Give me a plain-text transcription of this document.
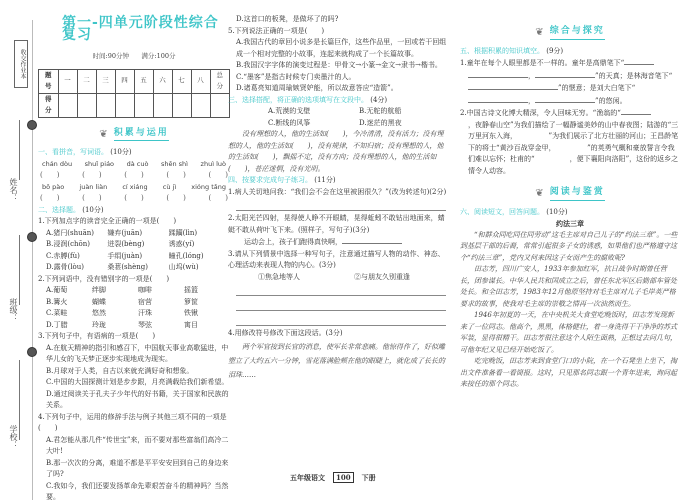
收交作业本
姓名：
班级：
学校：
第一-四单元阶段性综合复习
时间:90分钟 满分:100分
题号	一	二	三	四	五	六	七	八	总分
得分									
❦ 积累与运用
一、看拼音，写词语。 (10分)
chán dòu shuǐ piáo dà cuò shēn shì zhuì luò
(　　)	(　　)	(　　)	(　　)	(　　)
bō pào juàn liàn cí xiáng cù jì xióng tǎng
(　　)	(　　)	(　　)	(　　)	(　　)
二、选择题。 (10分)
1.下列加点字的读音完全正确的一项是(　　)
A.猪闩(shuān)	嫌弃(juān)	蹂躏(lìn)
B.浸润(chōn)	迸裂(bèng)	诱惑(yí)
C.赤膊(fù)	手绢(juàn)	瞳孔(lóng)
D.露骨(lòu)	桑葚(shèng)	山坞(wù)
2.下列词语中，没有错别字的一项是(　　)
A.葡萄	绊脚	咖啡	摇篮
B.篝火	蝴蝶	宿营	箩筐
C.菜畦	悠然	汗珠	铁锹
D.丁腊	玲珑	琴弦	寓目
3.下列句子中，有语病的一项是(　　)
A.在航天精神的指引和感召下，中国航天事业高歌猛进，中华儿女的飞天梦正逐步实现地成为现实。
B.月球对于人类，自古以来就充满好奇和想象。
C.中国的大国探测计划是步步跟，月亮满载给我们新希望。
D.通过阅读关于孔夫子少年代的好书籍，关于国家和民族的关系。
4.下列句子中，运用的修辞手法与例子其他三项不同的一项是(　　)
A.君怎能从那几件“传世宝”来，而不要对那些富翁们高冷二大叶!
B.那一次次的分离，难道不都是平平安安回到自己的身边来了吗?
C.我如今，我们还要发扬革命先辈艰苦奋斗的精神吗？当然要。
D.这首口的板凳，是做坏了的吗?
5.下列说法正确的一项是(　　)
A.我国古代的章回小说多是长篇巨作，这些作品里，一回或若干回组成一个相对完整的小故事，连起来就构成了一个长篇故事。
B.我国汉字字体的演变过程是：甲骨文→小篆→金文→隶书→楷书。
C.“墨客”是指古时候专门卖墨汁的人。
D.诸葛亮知道周瑜嫉贤妒能，所以故意答应“造箭”。
三、选择搭配，将正确的选项填写在文段中。 (4分)
A.荒漠的戈壁	B.无舵的航船
C.断线的风筝	D.迷茫的黑夜
没有理想的人，他的生活如(　　)，今冷清清，没有活力；没有理想的人，他的生活如(　　)，没有规律，不知归宿；没有理想的人，他的生活如(　　)，飘摇不定，没有方向；没有理想的人，他的生活如(　　)，苍茫迷惘，没有光明。
四、按要求完成句子练习。 (11分)
1.病人关切地问我：“我们会不会在这里被困很久？”(改为转述句)(2分)
2.太阳光芒四射，晃得使人睁不开眼睛，晃得蚯蚓不敢钻出地面来，蜻蜓不敢从荷叶飞下来。(照样子，写句子)(3分)
运动会上，孩子们跑得真快啊，
3.请从下列情景中选择一种写句子，注意通过描写人物的动作、神态、心理活动来表现人物的内心。(3分)
①焦急地等人	②与朋友久别重逢
4.用修改符号修改下面这段话。(3分)
两个军官接到长官的消息，使军长非常悲痛。他惊得作了，好似雕塑立了大约五六一分钟，雪花落满脸颊在他的眼睫上，就化成了长长的泪珠……
❦ 综合与探究
五、根据积累的知识填空。 (9分)
1.童年在每个人眼里都是不一样的。童年是高鼎笔下“
，	”的天真；是林海音笔下“
”的惬意；是刘大白笔下“
，	”的悠闲。
2.中国古诗文化博大精深，令人回味无穷。“渔翁的“
，夜静春山空”为我们描绘了一幅静谧美妙的山中春夜图；陆游的“三万里河东入海，　　　　　”为我们展示了北方壮丽的河山；王昌龄笔下的将士“黄沙百战穿金甲，　　　　　”的英勇气概和豪放誓言令我们难以忘怀；杜甫的“　　　　　，便下襄阳向洛阳”，这份的返乡之情令人动容。
❦ 阅读与鉴赏
六、阅读短文，回答问题。 (10分)
约法三章
“和群众同吃同住同劳动”这毛主席对自己儿子的“约法三章”。一些到基层干部的后裔，常常引起很多子女的诱惑，如果他们也严格遵守这个“约法三章”，党内又何来因这子女而产生的腐败呢?
田志芳，四川广安人，1933年参加红军，抗日战争时期曾任营长，团参谋长。中华人民共和国成立之后，曾任东北军区后勤部车管处处长。和全田志芳，1983年12月他原坚持对毛主席对儿子毛岸英严格要求的故事，使我对毛主席的崇敬之情再一次油然而生。
1946年初夏的一天，在中央机关大食堂吃晚饭时，田志芳发现新来了一位同志。他高个，黑黑，体格健壮，着一身洗得干干净净的苏式军装，显得很精干。田志芳很注意这个人陌生面熟，正想过去问几句，可他年纪又见已经开始吃饭了。
吃完晚饭，田志芳来到食堂门口的小院，在一个石凳坐上坐下，掏出文件准备看一看简报。这时，只见那名同志跟一个青年进来，询问起来接任的那个同志。
五年级语文	100	下册
